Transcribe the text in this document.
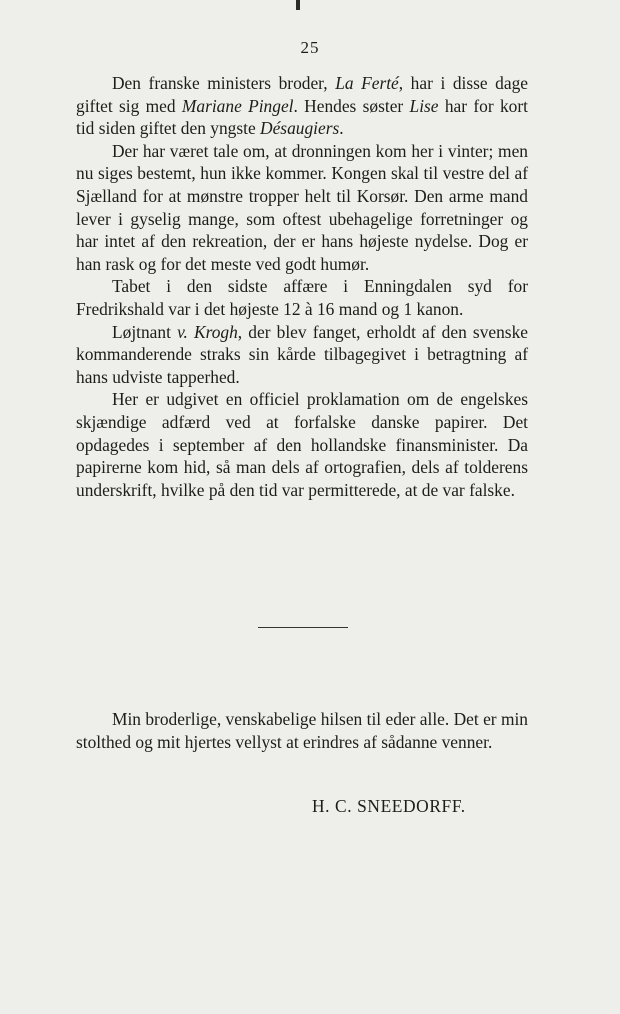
25

Den franske ministers broder, La Ferté, har i disse dage giftet sig med Mariane Pingel. Hendes søster Lise har for kort tid siden giftet den yngste Désaugiers.

Der har været tale om, at dronningen kom her i vinter; men nu siges bestemt, hun ikke kommer. Kongen skal til vestre del af Sjælland for at mønstre tropper helt til Korsør. Den arme mand lever i gyselig mange, som oftest ubehagelige forretninger og har intet af den rekreation, der er hans højeste nydelse. Dog er han rask og for det meste ved godt humør.

Tabet i den sidste affære i Enningdalen syd for Fredrikshald var i det højeste 12 à 16 mand og 1 kanon.

Løjtnant v. Krogh, der blev fanget, erholdt af den svenske kommanderende straks sin kårde tilbagegivet i betragtning af hans udviste tapperhed.

Her er udgivet en officiel proklamation om de engelskes skjændige adfærd ved at forfalske danske papirer. Det opdagedes i september af den hollandske finansminister. Da papirerne kom hid, så man dels af ortografien, dels af tolderens underskrift, hvilke på den tid var permitterede, at de var falske.

Min broderlige, venskabelige hilsen til eder alle. Det er min stolthed og mit hjertes vellyst at erindres af sådanne venner.

H. C. SNEEDORFF.
